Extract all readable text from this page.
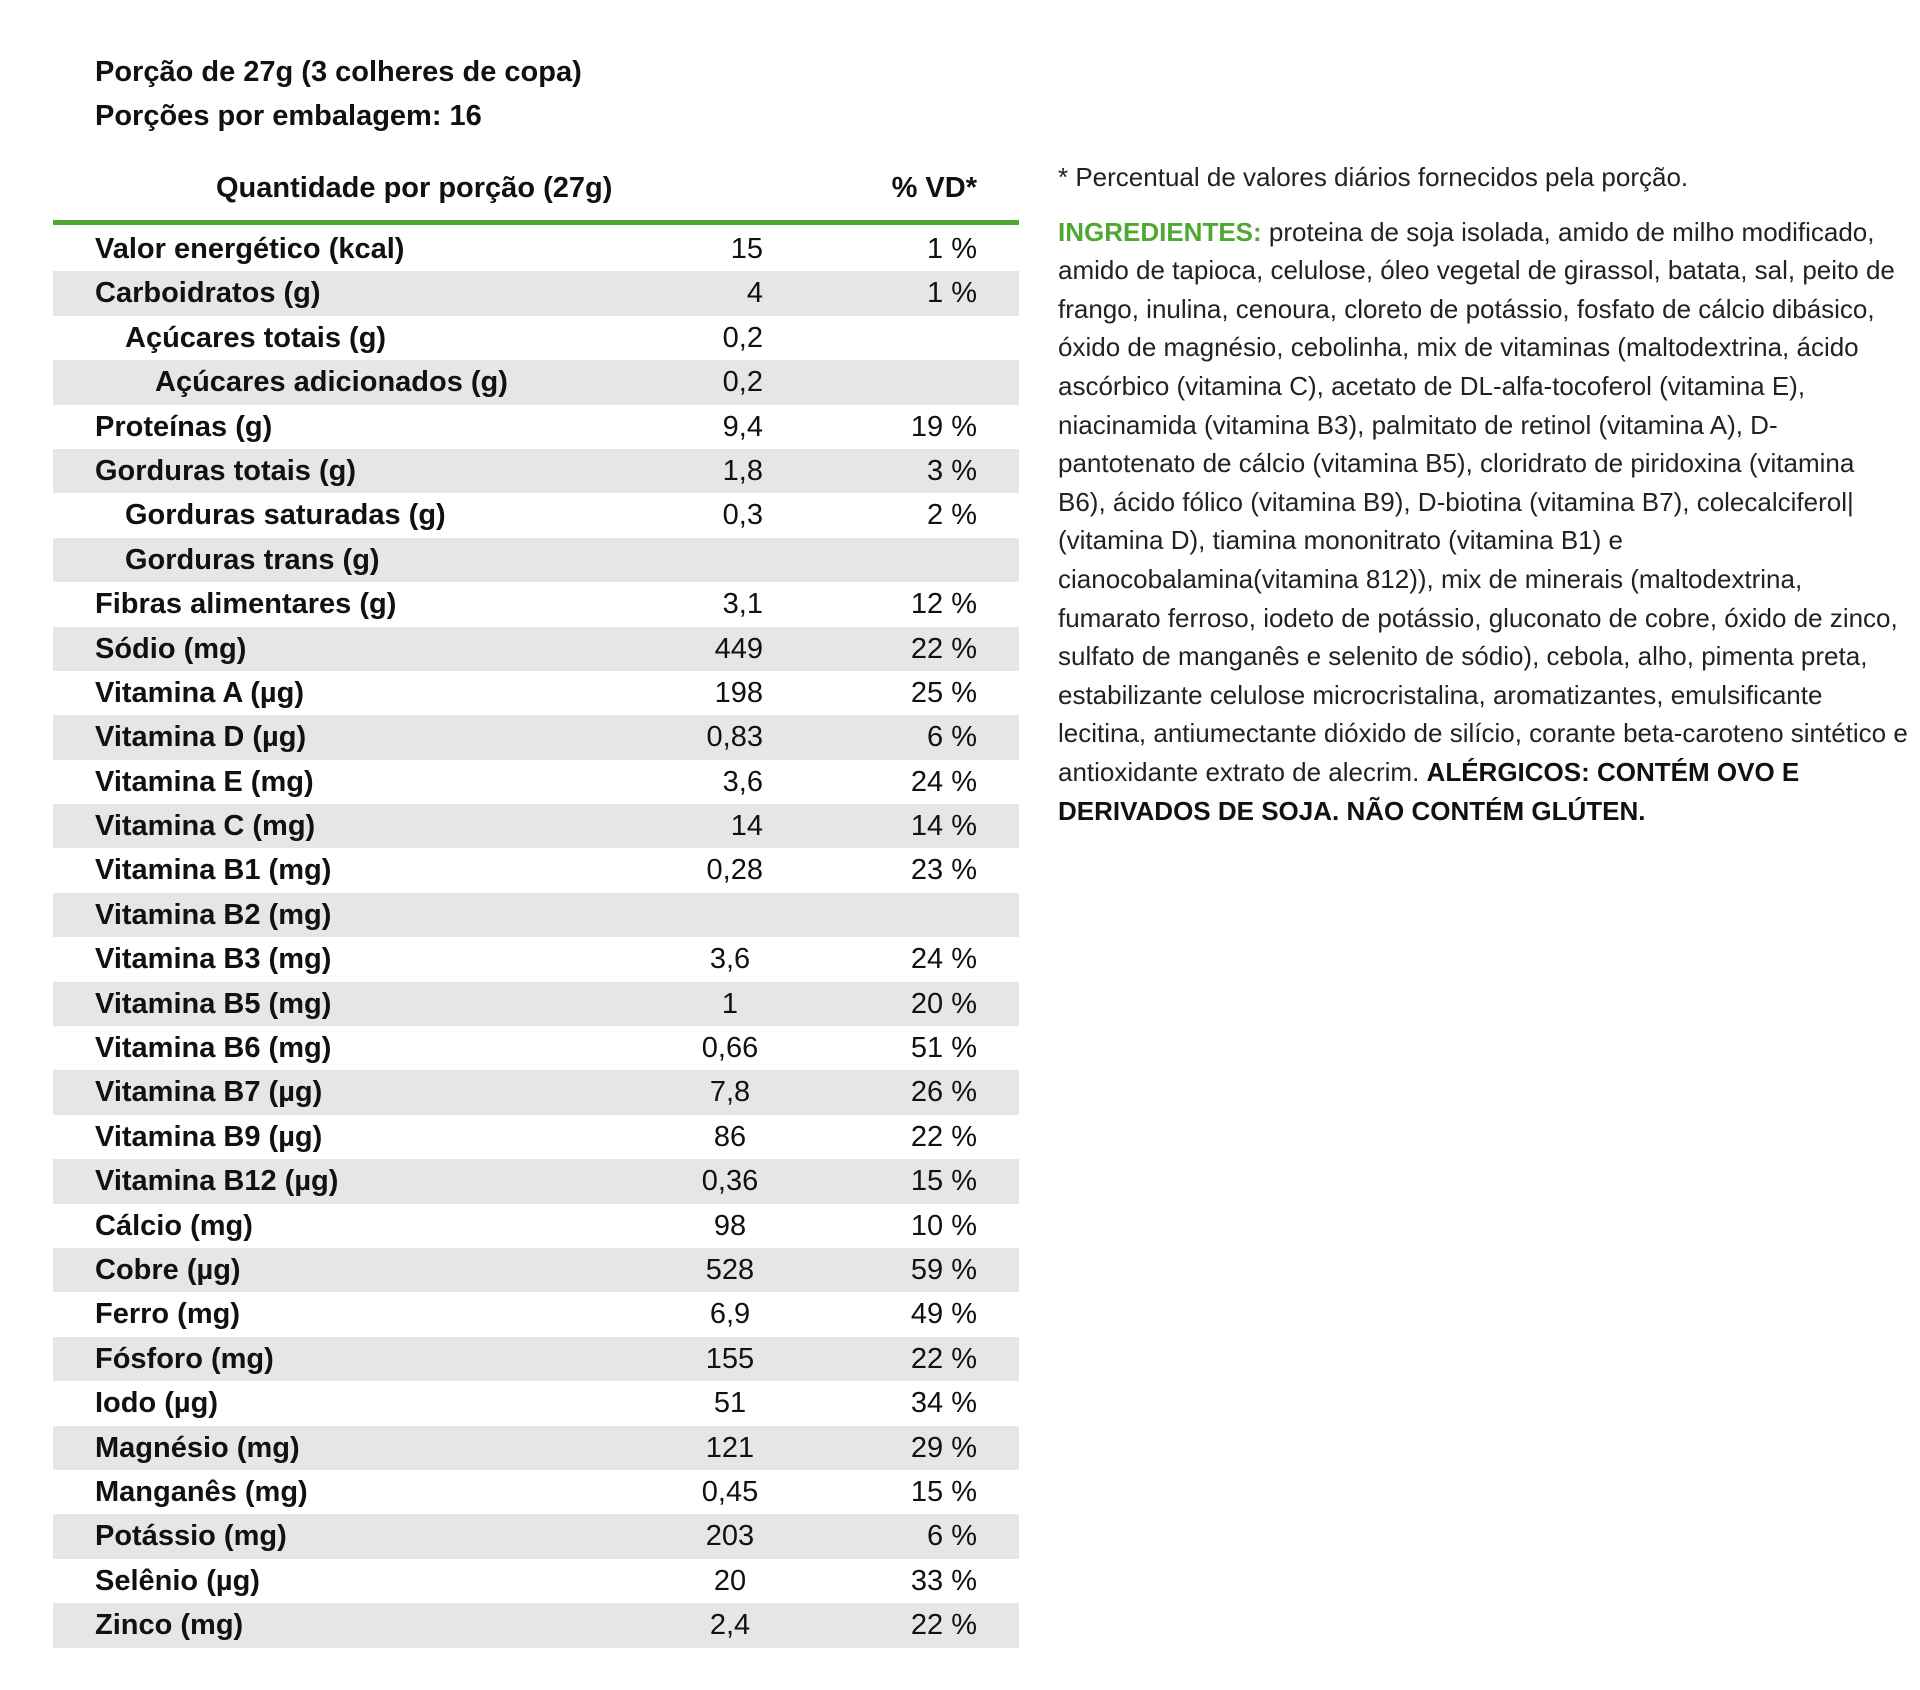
Porção de 27g (3 colheres de copa)
Porções por embalagem: 16
Quantidade por porção (27g)	% VD*
Valor energético (kcal)	15	1 %
Carboidratos (g)	4	1 %
Açúcares totais (g)	0,2
Açúcares adicionados (g)	0,2
Proteínas (g)	9,4	19 %
Gorduras totais (g)	1,8	3 %
Gorduras saturadas (g)	0,3	2 %
Gorduras trans (g)
Fibras alimentares (g)	3,1	12 %
Sódio (mg)	449	22 %
Vitamina A (µg)	198	25 %
Vitamina D (µg)	0,83	6 %
Vitamina E (mg)	3,6	24 %
Vitamina C (mg)	14	14 %
Vitamina B1 (mg)	0,28	23 %
Vitamina B2 (mg)
Vitamina B3 (mg)	3,6	24 %
Vitamina B5 (mg)	1	20 %
Vitamina B6 (mg)	0,66	51 %
Vitamina B7 (µg)	7,8	26 %
Vitamina B9 (µg)	86	22 %
Vitamina B12 (µg)	0,36	15 %
Cálcio (mg)	98	10 %
Cobre (µg)	528	59 %
Ferro (mg)	6,9	49 %
Fósforo (mg)	155	22 %
Iodo (µg)	51	34 %
Magnésio (mg)	121	29 %
Manganês (mg)	0,45	15 %
Potássio (mg)	203	6 %
Selênio (µg)	20	33 %
Zinco (mg)	2,4	22 %

* Percentual de valores diários fornecidos pela porção.

INGREDIENTES: proteina de soja isolada, amido de milho modificado, amido de tapioca, celulose, óleo vegetal de girassol, batata, sal, peito de frango, inulina, cenoura, cloreto de potássio, fosfato de cálcio dibásico, óxido de magnésio, cebolinha, mix de vitaminas (maltodextrina, ácido ascórbico (vitamina C), acetato de DL-alfa-tocoferol (vitamina E), niacinamida (vitamina B3), palmitato de retinol (vitamina A), D-pantotenato de cálcio (vitamina B5), cloridrato de piridoxina (vitamina B6), ácido fólico (vitamina B9), D-biotina (vitamina B7), colecalciferol| (vitamina D), tiamina mononitrato (vitamina B1) e cianocobalamina(vitamina 812)), mix de minerais (maltodextrina, fumarato ferroso, iodeto de potássio, gluconato de cobre, óxido de zinco, sulfato de manganês e selenito de sódio), cebola, alho, pimenta preta, estabilizante celulose microcristalina, aromatizantes, emulsificante lecitina, antiumectante dióxido de silício, corante beta-caroteno sintético e antioxidante extrato de alecrim. ALÉRGICOS: CONTÉM OVO E DERIVADOS DE SOJA. NÃO CONTÉM GLÚTEN.
